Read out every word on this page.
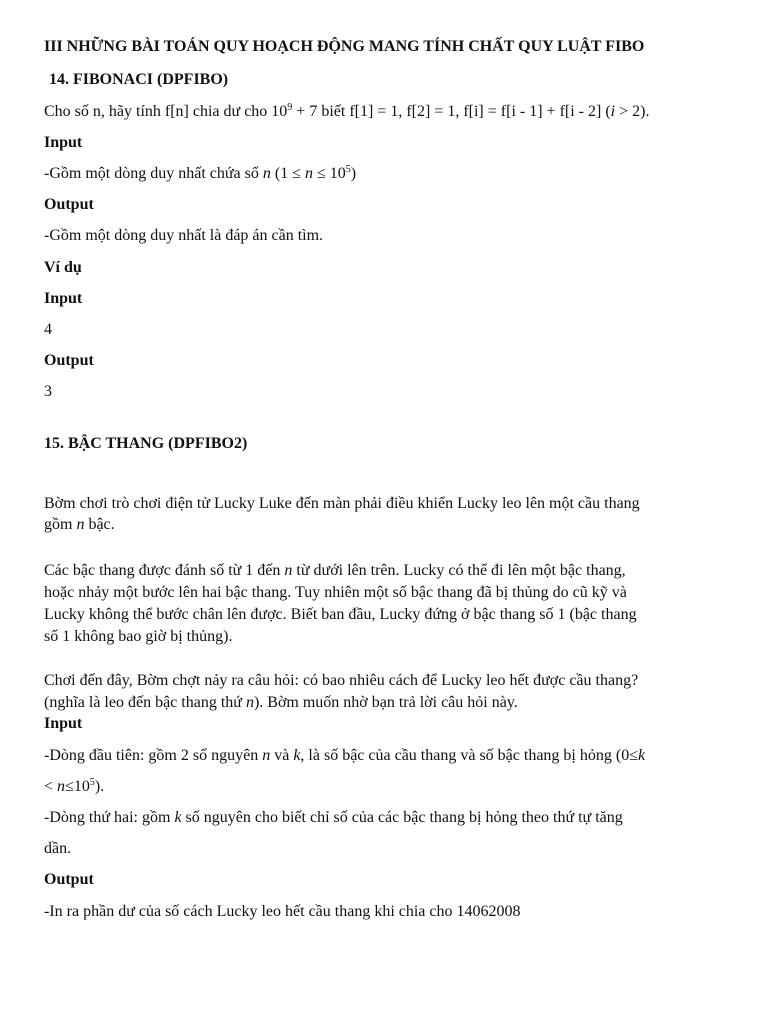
III NHỮNG BÀI TOÁN QUY HOẠCH ĐỘNG MANG TÍNH CHẤT QUY LUẬT FIBO
14. FIBONACI (DPFIBO)
Cho số n, hãy tính f[n] chia dư cho $10^9 + 7$ biết f[1] = 1, f[2] = 1, f[i] = f[i - 1] + f[i - 2] (i > 2).
Input
-Gồm một dòng duy nhất chứa số n $(1 \le n \le 10^5)$
Output
-Gồm một dòng duy nhất là đáp án cần tìm.
Ví dụ
Input
4
Output
3
15. BẬC THANG (DPFIBO2)
Bờm chơi trò chơi điện tử Lucky Luke đến màn phải điều khiển Lucky leo lên một cầu thang
gồm n bậc.
Các bậc thang được đánh số từ 1 đến n từ dưới lên trên. Lucky có thể đi lên một bậc thang,
hoặc nhảy một bước lên hai bậc thang. Tuy nhiên một số bậc thang đã bị thủng do cũ kỹ và
Lucky không thể bước chân lên được. Biết ban đầu, Lucky đứng ở bậc thang số 1 (bậc thang
số 1 không bao giờ bị thủng).
Chơi đến đây, Bờm chợt nảy ra câu hỏi: có bao nhiêu cách để Lucky leo hết được cầu thang?
(nghĩa là leo đến bậc thang thứ n). Bờm muốn nhờ bạn trả lời câu hỏi này.
Input
-Dòng đầu tiên: gồm 2 số nguyên n và k, là số bậc của cầu thang và số bậc thang bị hỏng (0≤k
< $n\le 10^5$).
-Dòng thứ hai: gồm k số nguyên cho biết chỉ số của các bậc thang bị hỏng theo thứ tự tăng
dần.
Output
-In ra phần dư của số cách Lucky leo hết cầu thang khi chia cho 14062008
